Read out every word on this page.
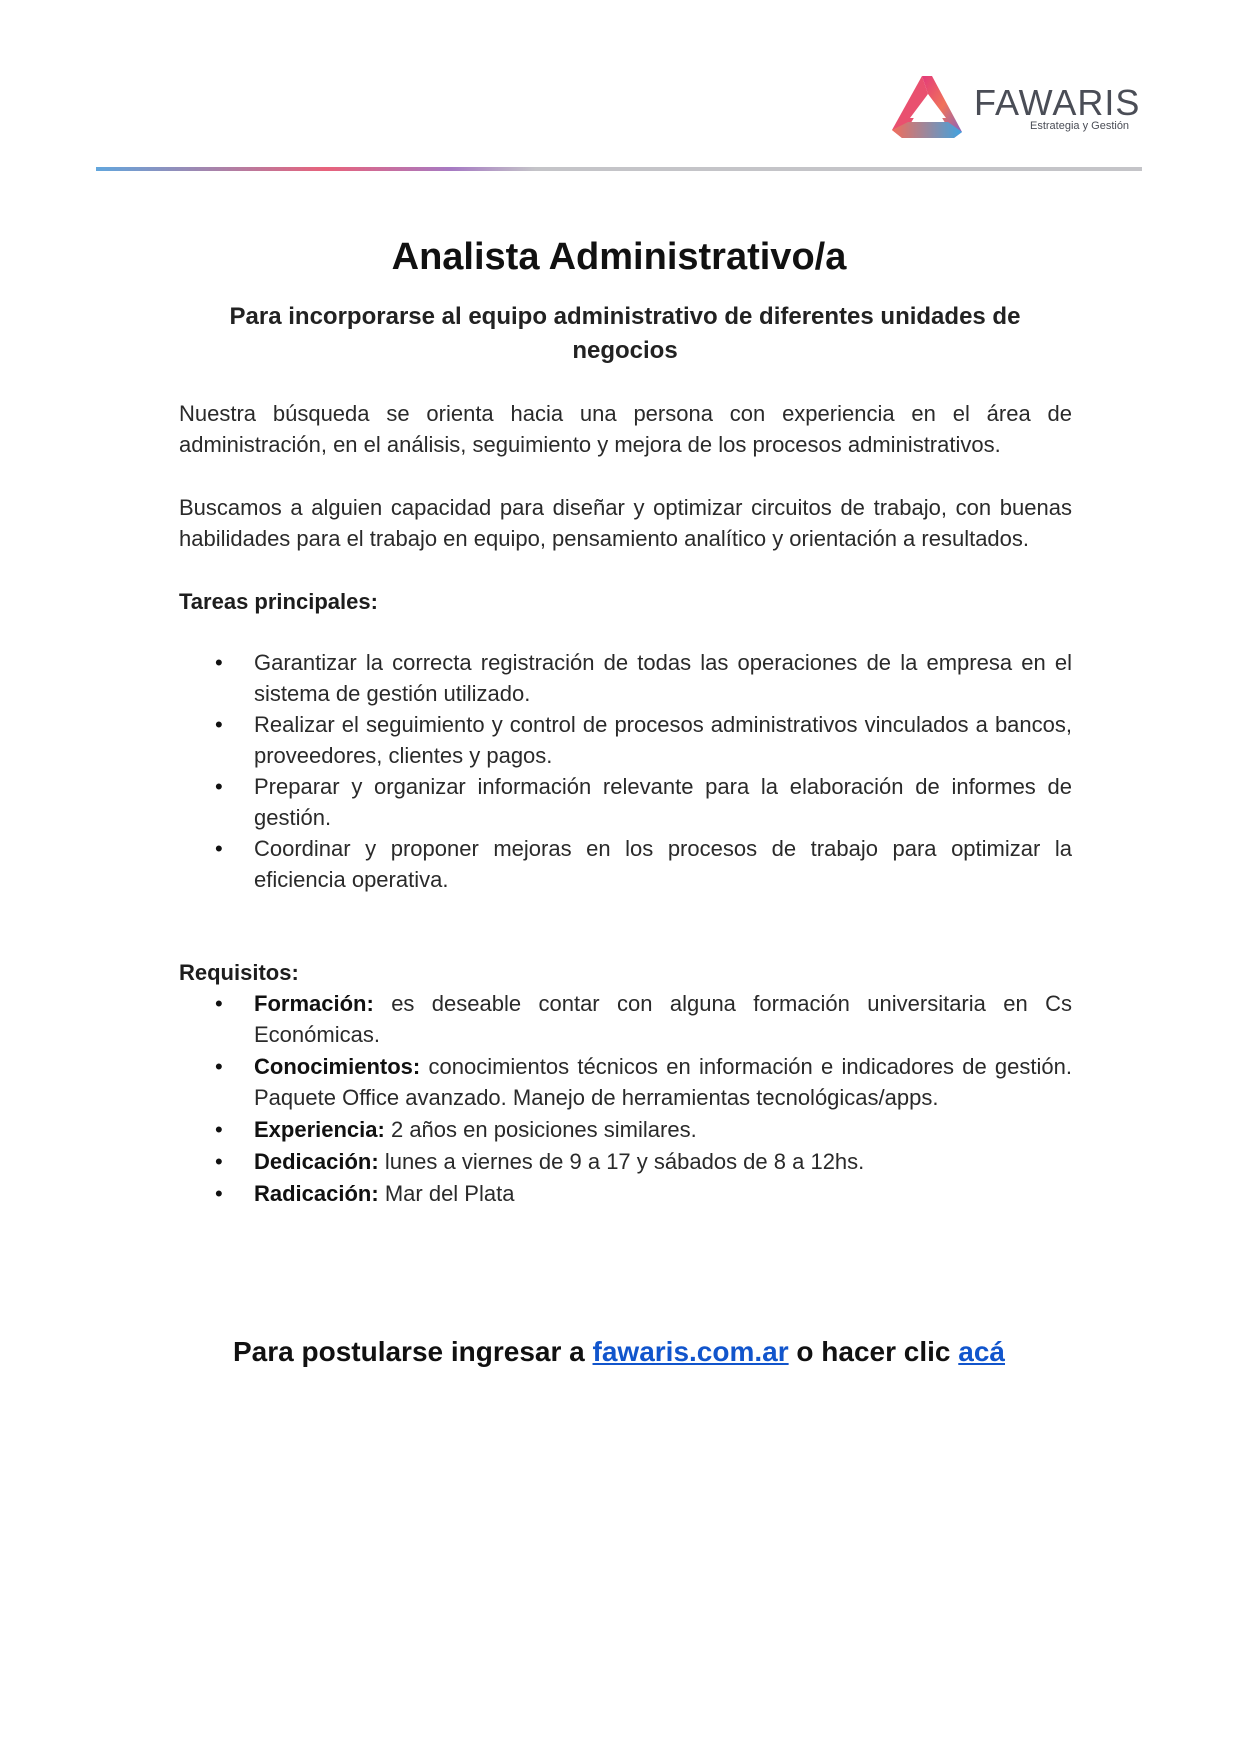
FAWARIS
Estrategia y Gestión
Analista Administrativo/a

Para incorporarse al equipo administrativo de diferentes unidades de negocios

Nuestra búsqueda se orienta hacia una persona con experiencia en el área de administración, en el análisis, seguimiento y mejora de los procesos administrativos.

Buscamos a alguien capacidad para diseñar y optimizar circuitos de trabajo, con buenas habilidades para el trabajo en equipo, pensamiento analítico y orientación a resultados.

Tareas principales:

• Garantizar la correcta registración de todas las operaciones de la empresa en el sistema de gestión utilizado.
• Realizar el seguimiento y control de procesos administrativos vinculados a bancos, proveedores, clientes y pagos.
• Preparar y organizar información relevante para la elaboración de informes de gestión.
• Coordinar y proponer mejoras en los procesos de trabajo para optimizar la eficiencia operativa.

Requisitos:

• Formación: es deseable contar con alguna formación universitaria en Cs Económicas.
• Conocimientos: conocimientos técnicos en información e indicadores de gestión. Paquete Office avanzado. Manejo de herramientas tecnológicas/apps.
• Experiencia: 2 años en posiciones similares.
• Dedicación: lunes a viernes de 9 a 17 y sábados de 8 a 12hs.
• Radicación: Mar del Plata

Para postularse ingresar a fawaris.com.ar o hacer clic acá
